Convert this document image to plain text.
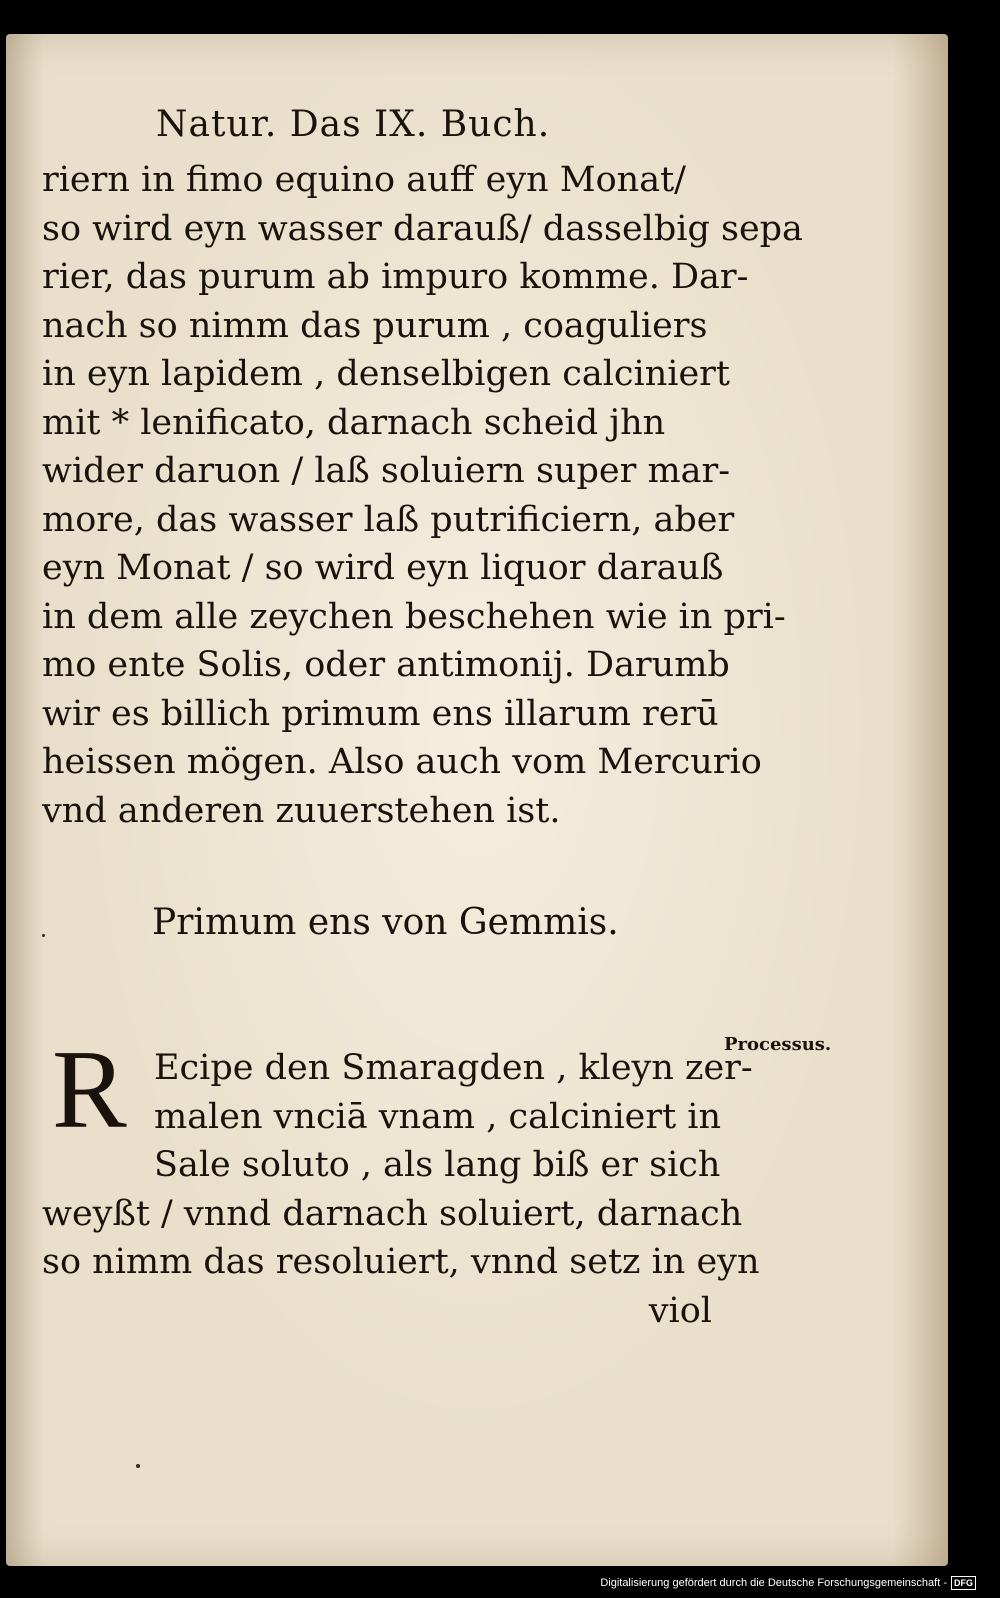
Natur. Das IX. Buch.
riern in fimo equino auff eyn Monat/
so wird eyn wasser darauß/ dasselbig sepa
rier, das purum ab impuro komme. Dar-
nach so nimm das purum , coaguliers
in eyn lapidem , denselbigen calciniert
mit * lenificato, darnach scheid jhn
wider daruon / laß soluiern super mar-
more, das wasser laß putrificiern, aber
eyn Monat / so wird eyn liquor darauß
in dem alle zeychen beschehen wie in pri-
mo ente Solis, oder antimonij. Darumb
wir es billich primum ens illarum rerū
heissen mögen. Also auch vom Mercurio
vnd anderen zuuerstehen ist.
Primum ens von Gemmis.
R Ecipe den Smaragden , kleyn zer-
malen vnciā vnam , calciniert in
Sale soluto , als lang biß er sich
weyßt / vnnd darnach soluiert, darnach
so nimm das resoluiert, vnnd setz in eyn
viol
Processus.
Digitalisierung gefördert durch die Deutsche Forschungsgemeinschaft - DFG
